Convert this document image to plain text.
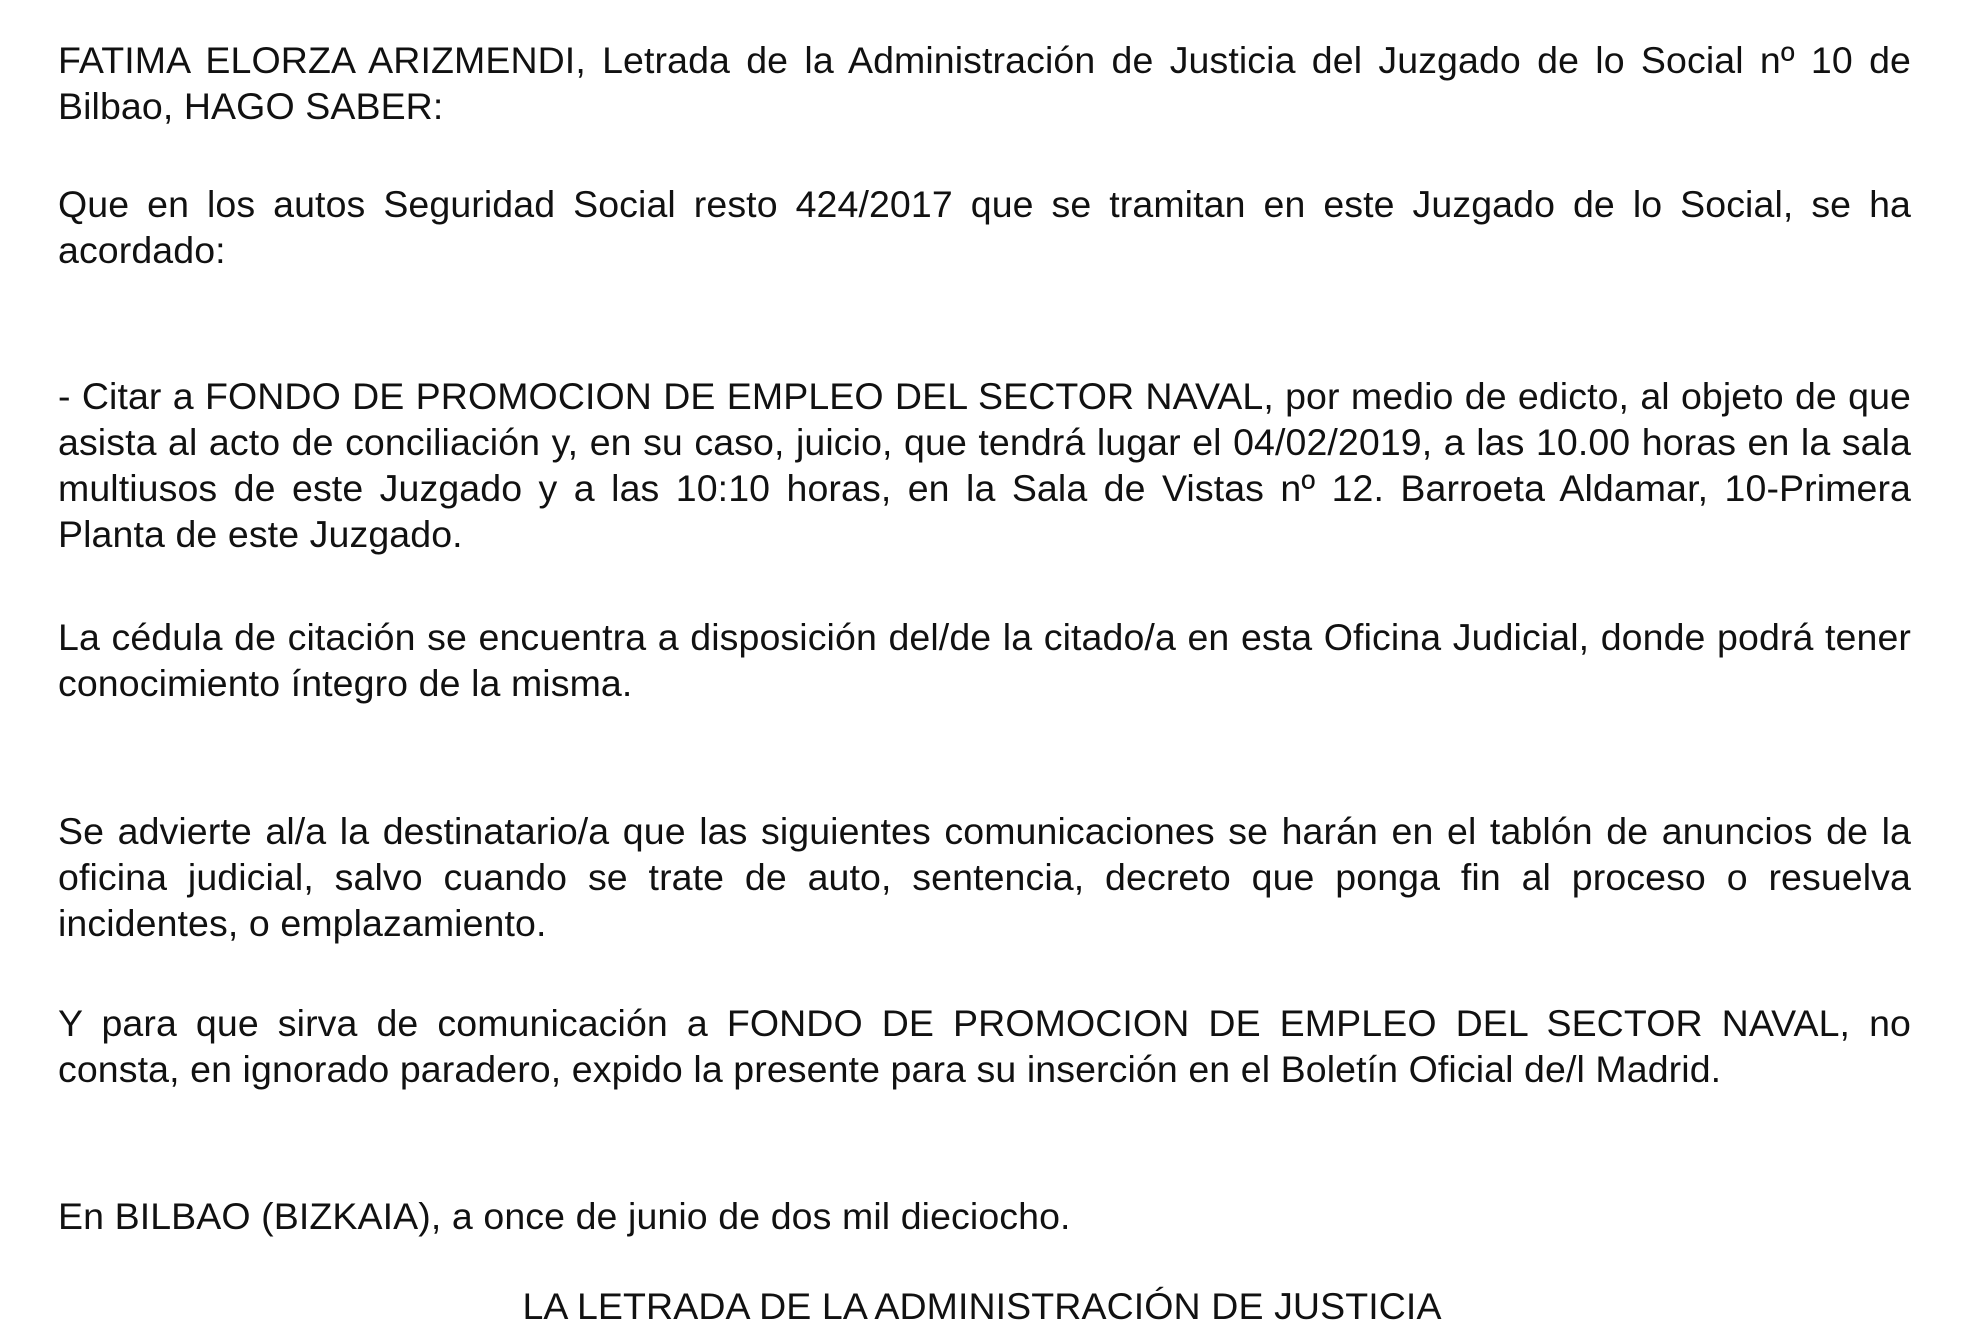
FATIMA ELORZA ARIZMENDI, Letrada de la Administración de Justicia del Juzgado de lo Social nº 10 de Bilbao, HAGO SABER:

Que en los autos Seguridad Social resto 424/2017 que se tramitan en este Juzgado de lo Social, se ha acordado:

- Citar a FONDO DE PROMOCION DE EMPLEO DEL SECTOR NAVAL, por medio de edicto, al objeto de que asista al acto de conciliación y, en su caso, juicio, que tendrá lugar el 04/02/2019, a las 10.00 horas en la sala multiusos de este Juzgado y a las 10:10 horas, en la Sala de Vistas nº 12. Barroeta Aldamar, 10-Primera Planta de este Juzgado.

La cédula de citación se encuentra a disposición del/de la citado/a en esta Oficina Judicial, donde podrá tener conocimiento íntegro de la misma.

Se advierte al/a la destinatario/a que las siguientes comunicaciones se harán en el tablón de anuncios de la oficina judicial, salvo cuando se trate de auto, sentencia, decreto que ponga fin al proceso o resuelva incidentes, o emplazamiento.

Y para que sirva de comunicación a FONDO DE PROMOCION DE EMPLEO DEL SECTOR NAVAL, no consta, en ignorado paradero, expido la presente para su inserción en el Boletín Oficial de/l Madrid.

En BILBAO (BIZKAIA), a once de junio de dos mil dieciocho.

LA LETRADA DE LA ADMINISTRACIÓN DE JUSTICIA
